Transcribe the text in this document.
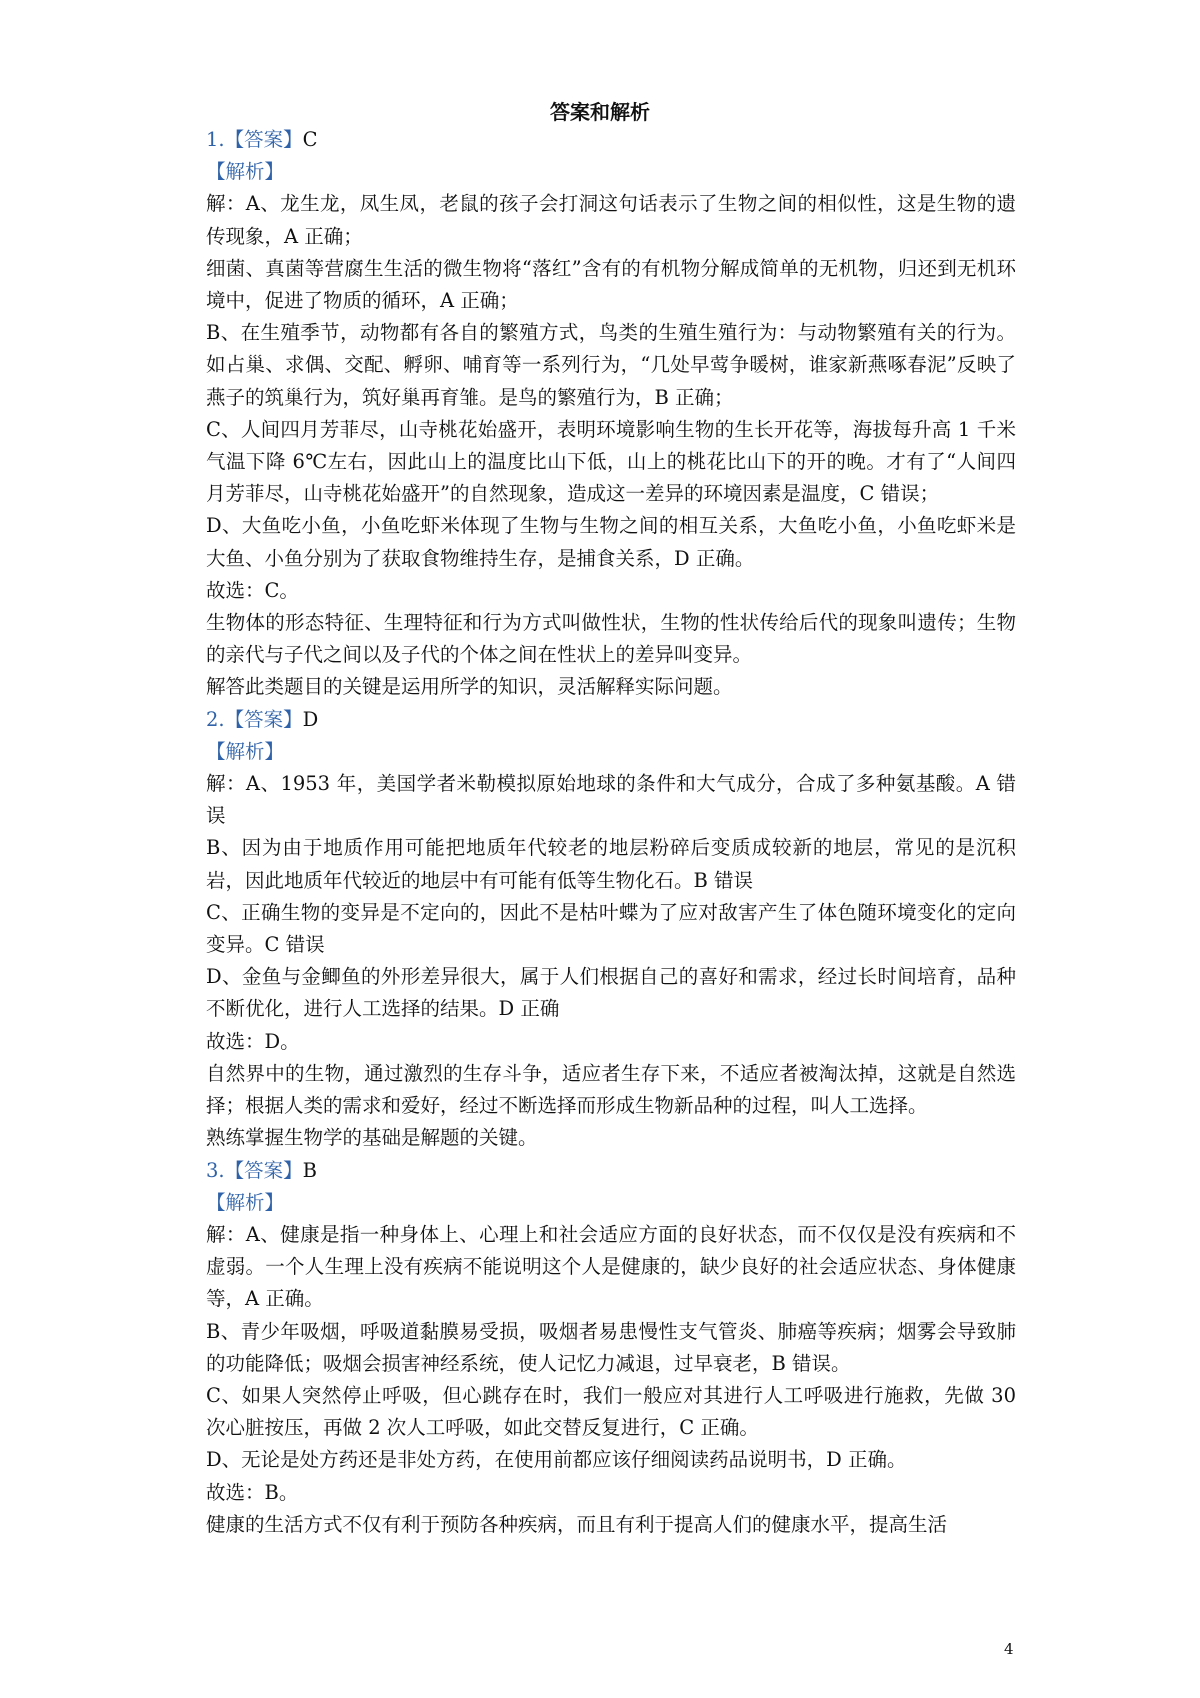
答案和解析

1.【答案】C

【解析】

解：A、龙生龙，凤生凤，老鼠的孩子会打洞这句话表示了生物之间的相似性，这是生物的遗传现象，A 正确；

细菌、真菌等营腐生生活的微生物将“落红”含有的有机物分解成简单的无机物，归还到无机环境中，促进了物质的循环，A 正确；

B、在生殖季节，动物都有各自的繁殖方式，鸟类的生殖生殖行为：与动物繁殖有关的行为。如占巢、求偶、交配、孵卵、哺育等一系列行为，“几处早莺争暖树，谁家新燕啄春泥”反映了燕子的筑巢行为，筑好巢再育雏。是鸟的繁殖行为，B 正确；

C、人间四月芳菲尽，山寺桃花始盛开，表明环境影响生物的生长开花等，海拔每升高 1 千米气温下降 6℃左右，因此山上的温度比山下低，山上的桃花比山下的开的晚。才有了“人间四月芳菲尽，山寺桃花始盛开”的自然现象，造成这一差异的环境因素是温度，C 错误；

D、大鱼吃小鱼，小鱼吃虾米体现了生物与生物之间的相互关系，大鱼吃小鱼，小鱼吃虾米是大鱼、小鱼分别为了获取食物维持生存，是捕食关系，D 正确。

故选：C。

生物体的形态特征、生理特征和行为方式叫做性状，生物的性状传给后代的现象叫遗传；生物的亲代与子代之间以及子代的个体之间在性状上的差异叫变异。

解答此类题目的关键是运用所学的知识，灵活解释实际问题。

2.【答案】D

【解析】

解：A、1953 年，美国学者米勒模拟原始地球的条件和大气成分，合成了多种氨基酸。A 错误

B、因为由于地质作用可能把地质年代较老的地层粉碎后变质成较新的地层，常见的是沉积岩，因此地质年代较近的地层中有可能有低等生物化石。B 错误

C、正确生物的变异是不定向的，因此不是枯叶蝶为了应对敌害产生了体色随环境变化的定向变异。C 错误

D、金鱼与金鲫鱼的外形差异很大，属于人们根据自己的喜好和需求，经过长时间培育，品种不断优化，进行人工选择的结果。D 正确

故选：D。

自然界中的生物，通过激烈的生存斗争，适应者生存下来，不适应者被淘汰掉，这就是自然选择；根据人类的需求和爱好，经过不断选择而形成生物新品种的过程，叫人工选择。

熟练掌握生物学的基础是解题的关键。

3.【答案】B

【解析】

解：A、健康是指一种身体上、心理上和社会适应方面的良好状态，而不仅仅是没有疾病和不虚弱。一个人生理上没有疾病不能说明这个人是健康的，缺少良好的社会适应状态、身体健康等，A 正确。

B、青少年吸烟，呼吸道黏膜易受损，吸烟者易患慢性支气管炎、肺癌等疾病；烟雾会导致肺的功能降低；吸烟会损害神经系统，使人记忆力减退，过早衰老，B 错误。

C、如果人突然停止呼吸，但心跳存在时，我们一般应对其进行人工呼吸进行施救，先做 30 次心脏按压，再做 2 次人工呼吸，如此交替反复进行，C 正确。

D、无论是处方药还是非处方药，在使用前都应该仔细阅读药品说明书，D 正确。

故选：B。

健康的生活方式不仅有利于预防各种疾病，而且有利于提高人们的健康水平，提高生活

4
